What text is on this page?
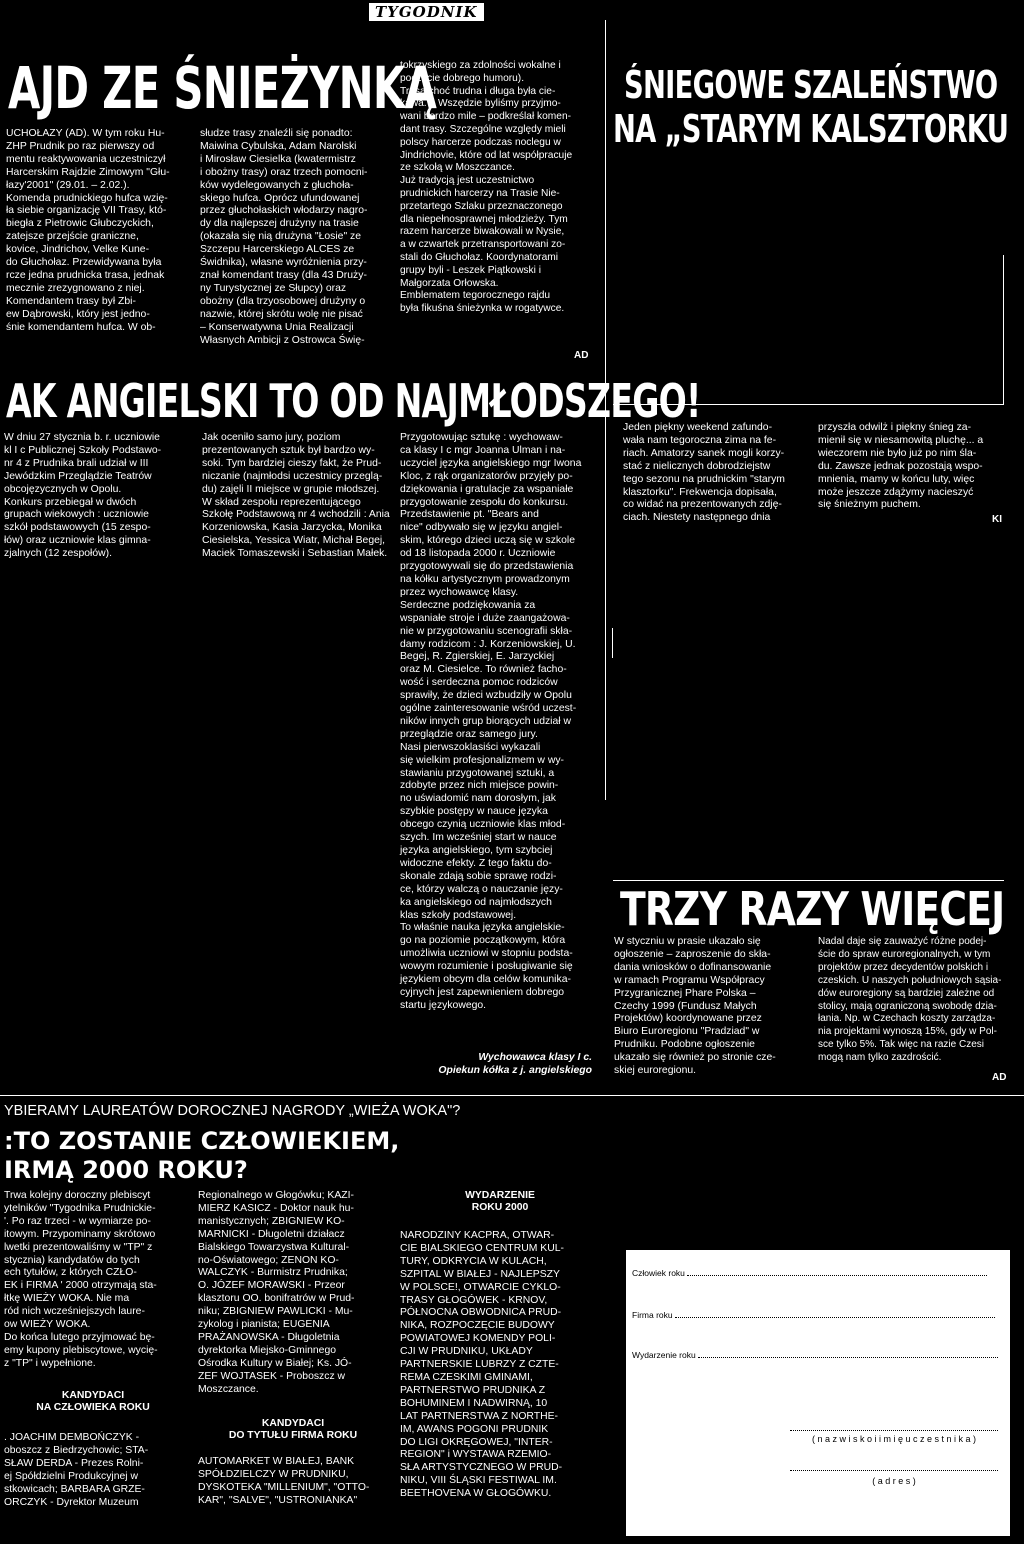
TYGODNIK
AJD ZE ŚNIEŻYNKĄ
UCHOŁAZY (AD). W tym roku Hu-
ZHP Prudnik po raz pierwszy od
mentu reaktywowania uczestniczył
Harcerskim Rajdzie Zimowym "Głu-
łazy'2001" (29.01. – 2.02.).
Komenda prudnickiego hufca wzię-
ła siebie organizację VII Trasy, któ-
biegła z Pietrowic Głubczyckich,
zatejsze przejście graniczne,
kovice, Jindrichov, Velke Kune-
do Głuchołaz. Przewidywana była
rcze jedna prudnicka trasa, jednak
mecznie zrezygnowano z niej.
Komendantem trasy był Zbi-
ew Dąbrowski, który jest jedno-
śnie komendantem hufca. W ob-
słudze trasy znaleźli się ponadto:
Maiwina Cybulska, Adam Narolski
i Mirosław Ciesielka (kwatermistrz
i obożny trasy) oraz trzech pomocni-
ków wydelegowanych z głuchoła-
skiego hufca. Oprócz ufundowanej
przez głuchołaskich włodarzy nagro-
dy dla najlepszej drużyny na trasie
(okazała się nią drużyna "Łosie" ze
Szczepu Harcerskiego ALCES ze
Świdnika), własne wyróżnienia przy-
znał komendant trasy (dla 43 Druży-
ny Turystycznej ze Słupcy) oraz
obożny (dla trzyosobowej drużyny o
nazwie, której skrótu wolę nie pisać
– Konserwatywna Unia Realizacji
Własnych Ambicji z Ostrowca Świę-
tokrzyskiego za zdolności wokalne i
poczucie dobrego humoru).
Trasa choć trudna i długa była cie-
kawa. – Wszędzie byliśmy przyjmo-
wani bardzo mile – podkreślał komen-
dant trasy. Szczególne względy mieli
polscy harcerze podczas noclegu w
Jindrichovie, które od lat współpracuje
ze szkołą w Moszczance.
Już tradycją jest uczestnictwo
prudnickich harcerzy na Trasie Nie-
przetartego Szlaku przeznaczonego
dla niepełnosprawnej młodzieży. Tym
razem harcerze biwakowali w Nysie,
a w czwartek przetransportowani zo-
stali do Głuchołaz. Koordynatorami
grupy byli - Leszek Piątkowski i
Małgorzata Orłowska.
Emblematem tegorocznego rajdu
była fikuśna śnieżynka w rogatywce.
AD
ŚNIEGOWE SZALEŃSTWO
NA „STARYM KALSZTORKU
Jeden piękny weekend zafundo-
wała nam tegoroczna zima na fe-
riach. Amatorzy sanek mogli korzy-
stać z nielicznych dobrodziejstw
tego sezonu na prudnickim "starym
klasztorku". Frekwencja dopisała,
co widać na prezentowanych zdję-
ciach. Niestety następnego dnia
przyszła odwilż i piękny śnieg za-
mienił się w niesamowitą pluchę... a
wieczorem nie było już po nim śla-
du. Zawsze jednak pozostają wspo-
mnienia, mamy w końcu luty, więc
może jeszcze zdążymy nacieszyć
się śnieżnym puchem.
KI
AK ANGIELSKI TO OD NAJMŁODSZEGO!
W dniu 27 stycznia b. r. uczniowie
kl I c Publicznej Szkoły Podstawo-
nr 4 z Prudnika brali udział w III
Jewódzkim Przeglądzie Teatrów
obcojęzycznych w Opolu.
Konkurs przebiegał w dwóch
grupach wiekowych : uczniowie
szkół podstawowych (15 zespo-
łów) oraz uczniowie klas gimna-
zjalnych (12 zespołów).
Jak oceniło samo jury, poziom
prezentowanych sztuk był bardzo wy-
soki. Tym bardziej cieszy fakt, że Prud-
niczanie (najmłodsi uczestnicy przeglą-
du) zajęli II miejsce w grupie młodszej.
W skład zespołu reprezentującego
Szkołę Podstawową nr 4 wchodzili : Ania
Korzeniowska, Kasia Jarzycka, Monika
Ciesielska, Yessica Wiatr, Michał Begej,
Maciek Tomaszewski i Sebastian Małek.
Przygotowując sztukę : wychowaw-
ca klasy I c mgr Joanna Ulman i na-
uczyciel języka angielskiego mgr Iwona
Kloc, z rąk organizatorów przyjęły po-
dziękowania i gratulacje za wspaniałe
przygotowanie zespołu do konkursu.
Przedstawienie pt. "Bears and
nice" odbywało się w języku angiel-
skim, którego dzieci uczą się w szkole
od 18 listopada 2000 r. Uczniowie
przygotowywali się do przedstawienia
na kółku artystycznym prowadzonym
przez wychowawcę klasy.
Serdeczne podziękowania za
wspaniałe stroje i duże zaangażowa-
nie w przygotowaniu scenografii skła-
damy rodzicom : J. Korzeniowskiej, U.
Begej, R. Zgierskiej, E. Jarzyckiej
oraz M. Ciesielce. To również facho-
wość i serdeczna pomoc rodziców
sprawiły, że dzieci wzbudziły w Opolu
ogólne zainteresowanie wśród uczest-
ników innych grup biorących udział w
przeglądzie oraz samego jury.
Nasi pierwszoklasiści wykazali
się wielkim profesjonalizmem w wy-
stawianiu przygotowanej sztuki, a
zdobyte przez nich miejsce powin-
no uświadomić nam dorosłym, jak
szybkie postępy w nauce języka
obcego czynią uczniowie klas młod-
szych. Im wcześniej start w nauce
języka angielskiego, tym szybciej
widoczne efekty. Z tego faktu do-
skonale zdają sobie sprawę rodzi-
ce, którzy walczą o nauczanie języ-
ka angielskiego od najmłodszych
klas szkoły podstawowej.
To właśnie nauka języka angielskie-
go na poziomie początkowym, która
umożliwia uczniowi w stopniu podsta-
wowym rozumienie i posługiwanie się
językiem obcym dla celów komunika-
cyjnych jest zapewnieniem dobrego
startu językowego.
Wychowawca klasy I c.
Opiekun kółka z j. angielskiego
TRZY RAZY WIĘCEJ
W styczniu w prasie ukazało się
ogłoszenie – zaproszenie do skła-
dania wniosków o dofinansowanie
w ramach Programu Współpracy
Przygranicznej Phare Polska –
Czechy 1999 (Fundusz Małych
Projektów) koordynowane przez
Biuro Euroregionu "Pradziad" w
Prudniku. Podobne ogłoszenie
ukazało się również po stronie cze-
skiej euroregionu.
Nadal daje się zauważyć różne podej-
ście do spraw euroregionalnych, w tym
projektów przez decydentów polskich i
czeskich. U naszych południowych sąsia-
dów euroregiony są bardziej zależne od
stolicy, mają ograniczoną swobodę dzia-
łania. Np. w Czechach koszty zarządza-
nia projektami wynoszą 15%, gdy w Pol-
sce tylko 5%. Tak więc na razie Czesi
mogą nam tylko zazdrościć.
AD
YBIERAMY LAUREATÓW DOROCZNEJ NAGRODY „WIEŻA WOKA"?
:TO ZOSTANIE CZŁOWIEKIEM,
IRMĄ 2000 ROKU?
Trwa kolejny doroczny plebiscyt
ytelników "Tygodnika Prudnickie-
'. Po raz trzeci - w wymiarze po-
itowym. Przypominamy skrótowo
lwetki prezentowaliśmy w "TP" z
stycznia) kandydatów do tych
ech tytułów, z których CZŁO-
EK i FIRMA ' 2000 otrzymają sta-
łtkę WIEŻY WOKA. Nie ma
ród nich wcześniejszych laure-
ow WIEŻY WOKA.
Do końca lutego przyjmować bę-
emy kupony plebiscytowe, wycię-
z "TP" i wypełnione.
KANDYDACI
NA CZŁOWIEKA ROKU
. JOACHIM DEMBOŃCZYK -
oboszcz z Biedrzychowic; STA-
SŁAW DERDA - Prezes Rolni-
ej Spółdzielni Produkcyjnej w
stkowicach; BARBARA GRZE-
ORCZYK - Dyrektor Muzeum
Regionalnego w Głogówku; KAZI-
MIERZ KASICZ - Doktor nauk hu-
manistycznych; ZBIGNIEW KO-
MARNICKI - Długoletni działacz
Bialskiego Towarzystwa Kultural-
no-Oświatowego; ZENON KO-
WALCZYK - Burmistrz Prudnika;
O. JÓZEF MORAWSKI - Przeor
klasztoru OO. bonifratrów w Prud-
niku; ZBIGNIEW PAWLICKI - Mu-
zykolog i pianista; EUGENIA
PRAŻANOWSKA - Długoletnia
dyrektorka Miejsko-Gminnego
Ośrodka Kultury w Białej; Ks. JÓ-
ZEF WOJTASEK - Proboszcz w
Moszczance.
KANDYDACI
DO TYTUŁU FIRMA ROKU
AUTOMARKET W BIAŁEJ, BANK
SPÓŁDZIELCZY W PRUDNIKU,
DYSKOTEKA "MILLENIUM", "OTTO-
KAR", "SALVE", "USTRONIANKA"
WYDARZENIE
ROKU 2000
NARODZINY KACPRA, OTWAR-
CIE BIALSKIEGO CENTRUM KUL-
TURY, ODKRYCIA W KULACH,
SZPITAL W BIAŁEJ - NAJLEPSZY
W POLSCE!, OTWARCIE CYKLO-
TRASY GŁOGÓWEK - KRNOV,
PÓŁNOCNA OBWODNICA PRUD-
NIKA, ROZPOCZĘCIE BUDOWY
POWIATOWEJ KOMENDY POLI-
CJI W PRUDNIKU, UKŁADY
PARTNERSKIE LUBRZY Z CZTE-
REMA CZESKIMI GMINAMI,
PARTNERSTWO PRUDNIKA Z
BOHUMINEM I NADWIRNĄ, 10
LAT PARTNERSTWA Z NORTHE-
IM, AWANS POGONI PRUDNIK
DO LIGI OKRĘGOWEJ, "INTER-
REGION" i WYSTAWA RZEMIO-
SŁA ARTYSTYCZNEGO W PRUD-
NIKU, VIII ŚLĄSKI FESTIWAL IM.
BEETHOVENA W GŁOGÓWKU.
Człowiek roku
Firma roku
Wydarzenie roku
( n a z w i s k o i i m i ę u c z e s t n i k a )
( a d r e s )
